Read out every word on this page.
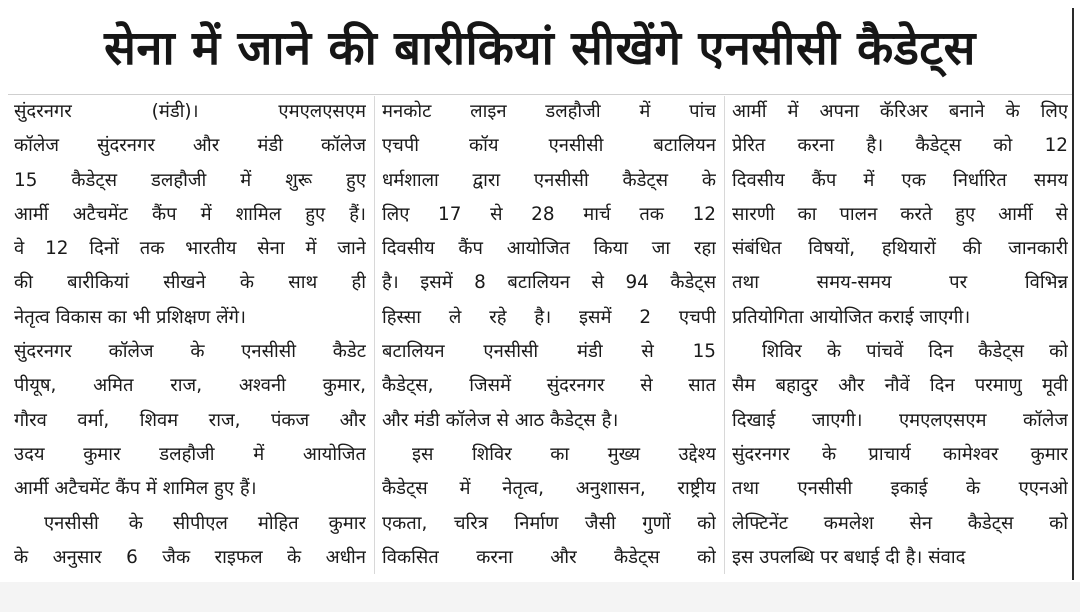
सेना में जाने की बारीकियां सीखेंगे एनसीसी कैडेट्स
सुंदरनगर (मंडी)। एमएलएसएम
कॉलेज सुंदरनगर और मंडी कॉलेज
15 कैडेट्स डलहौजी में शुरू हुए
आर्मी अटैचमेंट कैंप में शामिल हुए हैं।
वे 12 दिनों तक भारतीय सेना में जाने
की बारीकियां सीखने के साथ ही
नेतृत्व विकास का भी प्रशिक्षण लेंगे।
सुंदरनगर कॉलेज के एनसीसी कैडेट
पीयूष, अमित राज, अश्वनी कुमार,
गौरव वर्मा, शिवम राज, पंकज और
उदय कुमार डलहौजी में आयोजित
आर्मी अटैचमेंट कैंप में शामिल हुए हैं।
एनसीसी के सीपीएल मोहित कुमार
के अनुसार 6 जैक राइफल के अधीन
मनकोट लाइन डलहौजी में पांच
एचपी कॉय एनसीसी बटालियन
धर्मशाला द्वारा एनसीसी कैडेट्स के
लिए 17 से 28 मार्च तक 12
दिवसीय कैंप आयोजित किया जा रहा
है। इसमें 8 बटालियन से 94 कैडेट्स
हिस्सा ले रहे है। इसमें 2 एचपी
बटालियन एनसीसी मंडी से 15
कैडेट्स, जिसमें सुंदरनगर से सात
और मंडी कॉलेज से आठ कैडेट्स है।
इस शिविर का मुख्य उद्देश्य
कैडेट्स में नेतृत्व, अनुशासन, राष्ट्रीय
एकता, चरित्र निर्माण जैसी गुणों को
विकसित करना और कैडेट्स को
आर्मी में अपना कॅरिअर बनाने के लिए
प्रेरित करना है। कैडेट्स को 12
दिवसीय कैंप में एक निर्धारित समय
सारणी का पालन करते हुए आर्मी से
संबंधित विषयों, हथियारों की जानकारी
तथा समय-समय पर विभिन्न
प्रतियोगिता आयोजित कराई जाएगी।
शिविर के पांचवें दिन कैडेट्स को
सैम बहादुर और नौवें दिन परमाणु मूवी
दिखाई जाएगी। एमएलएसएम कॉलेज
सुंदरनगर के प्राचार्य कामेश्वर कुमार
तथा एनसीसी इकाई के एएनओ
लेफ्टिनेंट कमलेश सेन कैडेट्स को
इस उपलब्धि पर बधाई दी है। संवाद
